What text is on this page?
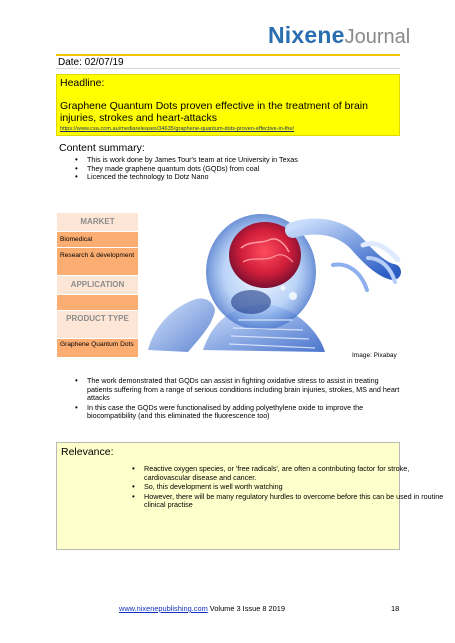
NixeneJournal
Date: 02/07/19
Headline:
Graphene Quantum Dots proven effective in the treatment of brain injuries, strokes and heart-attacks
https://www.csa.com.au/mediareleases/34635/graphene-quantum-dots-proven-effective-in-the/
Content summary:
• This is work done by James Tour's team at rice University in Texas
• They made graphene quantum dots (GQDs) from coal
• Licenced the technology to Dotz Nano
MARKET
Biomedical
Research & development
APPLICATION
PRODUCT TYPE
Graphene Quantum Dots
Image: Pixabay
• The work demonstrated that GQDs can assist in fighting oxidative stress to assist in treating patients suffering from a range of serious conditions including brain injuries, strokes, MS and heart attacks
• In this case the GQDs were functionalised by adding polyethylene oxide to improve the biocompatibility (and this eliminated the fluorescence too)
Relevance:
• Reactive oxygen species, or 'free radicals', are often a contributing factor for stroke, cardiovascular disease and cancer.
• So, this development is well worth watching
• However, there will be many regulatory hurdles to overcome before this can be used in routine clinical practise
www.nixenepublishing.com Volume 3 Issue 8 2019	18
